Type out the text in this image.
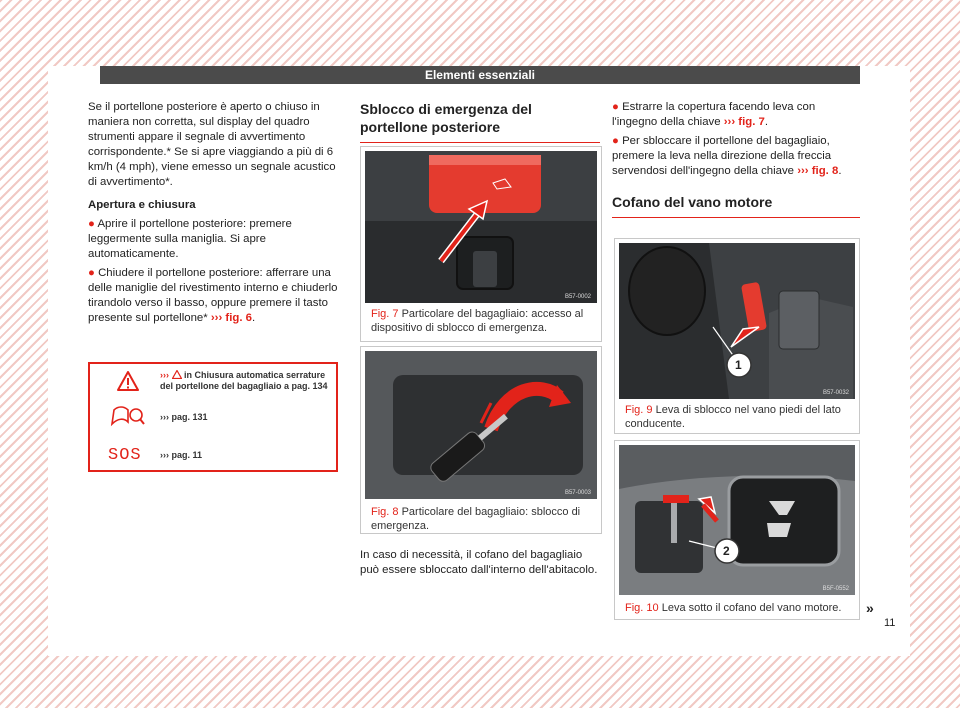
Elementi essenziali

Se il portellone posteriore è aperto o chiuso in maniera non corretta, sul display del quadro strumenti appare il segnale di avvertimento corrispondente.* Se si apre viaggiando a più di 6 km/h (4 mph), viene emesso un segnale acustico di avvertimento*.

Apertura e chiusura

● Aprire il portellone posteriore: premere leggermente sulla maniglia. Si apre automaticamente.

● Chiudere il portellone posteriore: afferrare una delle maniglie del rivestimento interno e chiuderlo tirandolo verso il basso, oppure premere il tasto presente sul portellone* ››› fig. 6.

››› in Chiusura automatica serrature del portellone del bagagliaio a pag. 134
››› pag. 131
SOS ››› pag. 11
Sblocco di emergenza del portellone posteriore
B57-0002
Fig. 7 Particolare del bagagliaio: accesso al dispositivo di sblocco di emergenza.
B57-0003
Fig. 8 Particolare del bagagliaio: sblocco di emergenza.

In caso di necessità, il cofano del bagagliaio può essere sbloccato dall'interno dell'abitacolo.

● Estrarre la copertura facendo leva con l'ingegno della chiave ››› fig. 7.

● Per sbloccare il portellone del bagagliaio, premere la leva nella direzione della freccia servendosi dell'ingegno della chiave ››› fig. 8.

Cofano del vano motore
1
B57-0032
Fig. 9 Leva di sblocco nel vano piedi del lato conducente.
2
B5F-0552
Fig. 10 Leva sotto il cofano del vano motore.	»
11
